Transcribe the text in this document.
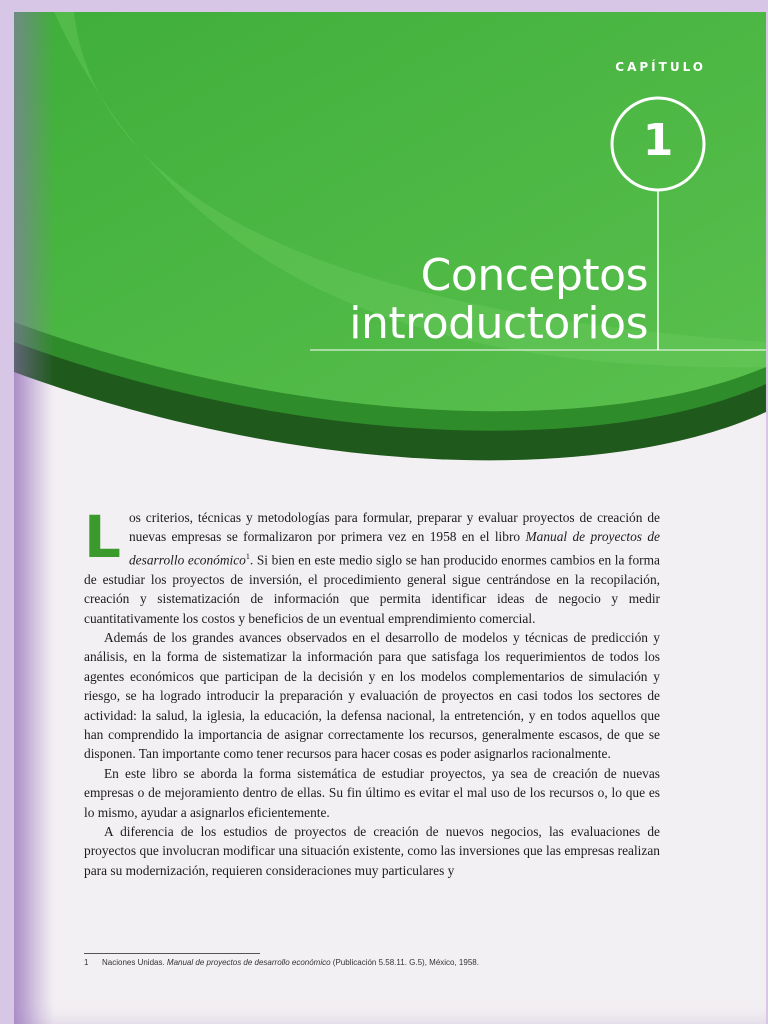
CAPÍTULO
1
Conceptos
introductorios

Los criterios, técnicas y metodologías para formular, preparar y evaluar proyectos de creación de nuevas empresas se formalizaron por primera vez en 1958 en el libro Manual de proyectos de desarrollo económico$^1$. Si bien en este medio siglo se han producido enormes cambios en la forma de estudiar los proyectos de inversión, el procedimiento general sigue centrándose en la recopilación, creación y sistematización de información que permita identificar ideas de negocio y medir cuantitativamente los costos y beneficios de un eventual emprendimiento comercial.

Además de los grandes avances observados en el desarrollo de modelos y técnicas de predicción y análisis, en la forma de sistematizar la información para que satisfaga los requerimientos de todos los agentes económicos que participan de la decisión y en los modelos complementarios de simulación y riesgo, se ha logrado introducir la preparación y evaluación de proyectos en casi todos los sectores de actividad: la salud, la iglesia, la educación, la defensa nacional, la entretención, y en todos aquellos que han comprendido la importancia de asignar correctamente los recursos, generalmente escasos, de que se disponen. Tan importante como tener recursos para hacer cosas es poder asignarlos racionalmente.

En este libro se aborda la forma sistemática de estudiar proyectos, ya sea de creación de nuevas empresas o de mejoramiento dentro de ellas. Su fin último es evitar el mal uso de los recursos o, lo que es lo mismo, ayudar a asignarlos eficientemente.

A diferencia de los estudios de proyectos de creación de nuevos negocios, las evaluaciones de proyectos que involucran modificar una situación existente, como las inversiones que las empresas realizan para su modernización, requieren consideraciones muy particulares y

1 Naciones Unidas. Manual de proyectos de desarrollo económico (Publicación 5.58.11. G.5), México, 1958.
